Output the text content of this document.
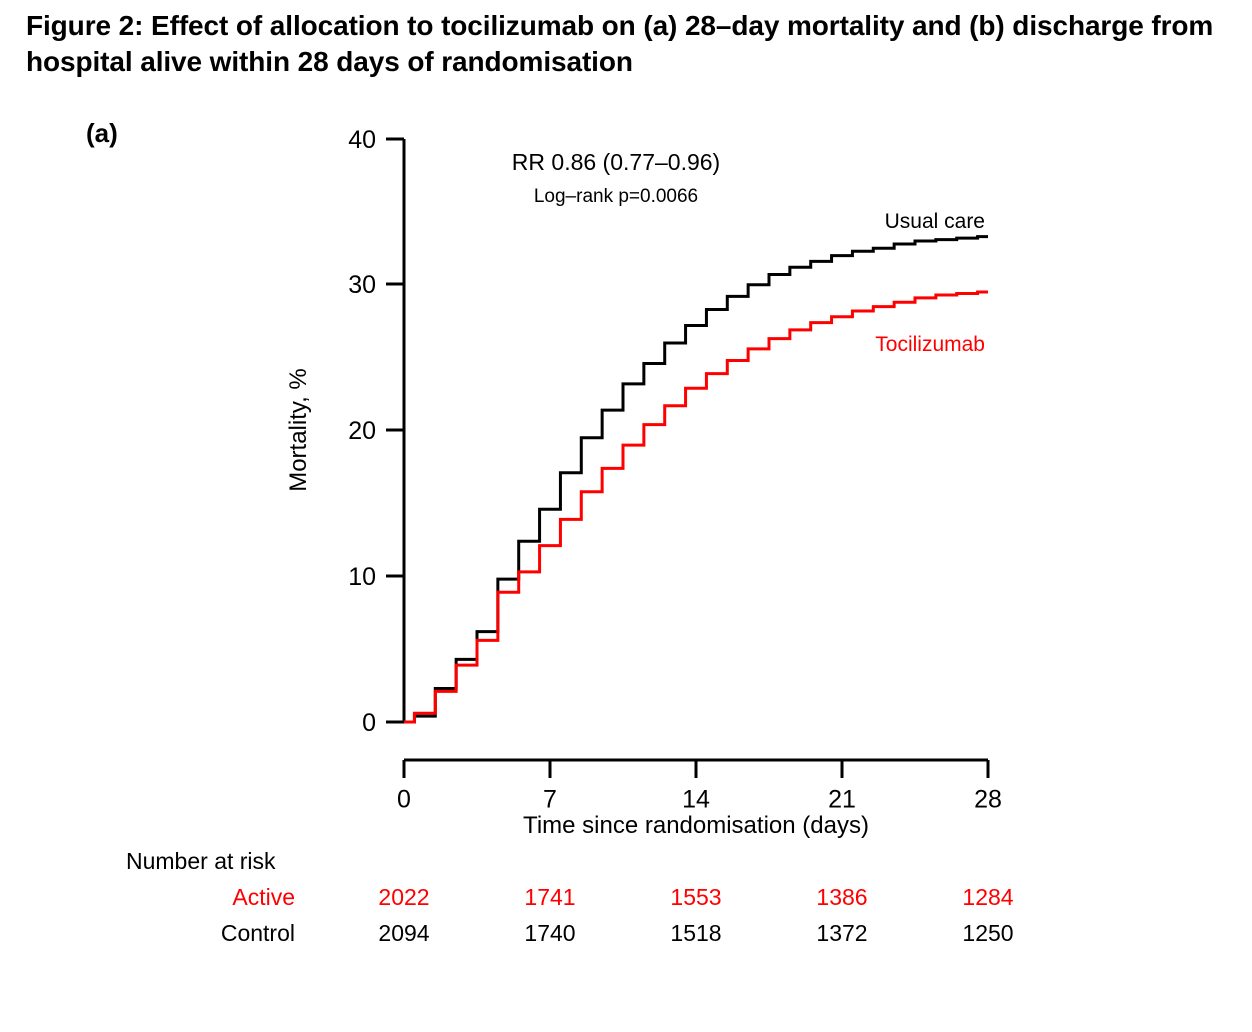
Figure 2: Effect of allocation to tocilizumab on (a) 28–day mortality and (b) discharge from hospital alive within 28 days of randomisation
(a)	40
30
20
10
0
Mortality, %
0	7	14	21	28
Time since randomisation (days)
RR 0.86 (0.77–0.96)
Log–rank p=0.0066
Usual care
Tocilizumab
Number at risk
Active	2022	1741	1553	1386	1284
Control	2094	1740	1518	1372	1250
